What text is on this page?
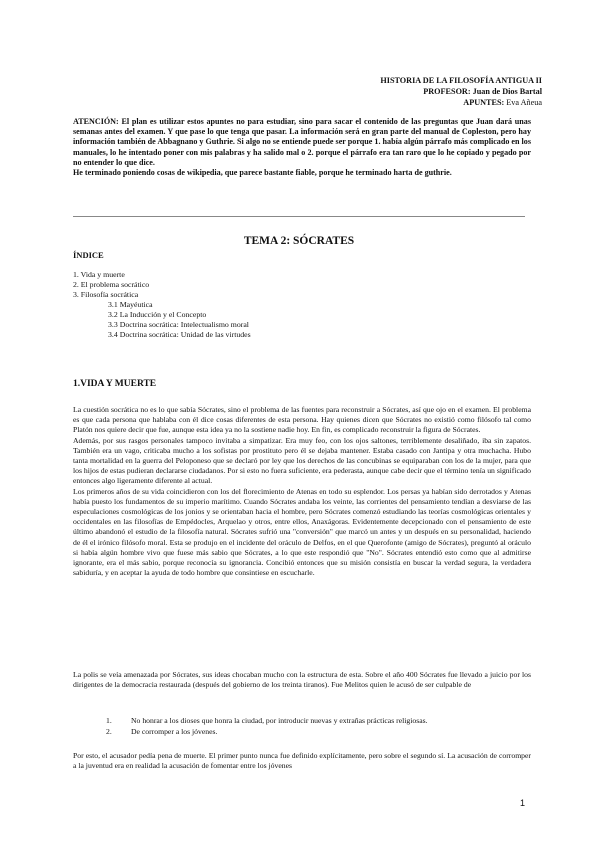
HISTORIA DE LA FILOSOFÍA ANTIGUA II
PROFESOR: Juan de Dios Bartal
APUNTES: Eva Añeua
ATENCIÓN: El plan es utilizar estos apuntes no para estudiar, sino para sacar el contenido de las preguntas que Juan dará unas semanas antes del examen. Y que pase lo que tenga que pasar. La información será en gran parte del manual de Copleston, pero hay información también de Abbagnano y Guthrie. Si algo no se entiende puede ser porque 1. había algún párrafo más complicado en los manuales, lo he intentado poner con mis palabras y ha salido mal o 2. porque el párrafo era tan raro que lo he copiado y pegado por no entender lo que dice.
He terminado poniendo cosas de wikipedia, que parece bastante fiable, porque he terminado harta de guthrie.
TEMA 2: SÓCRATES
ÍNDICE
1. Vida y muerte
2. El problema socrático
3. Filosofía socrática
3.1 Mayéutica
3.2 La Inducción y el Concepto
3.3 Doctrina socrática: Intelectualismo moral
3.4 Doctrina socrática: Unidad de las virtudes
1.VIDA Y MUERTE

La cuestión socrática no es lo que sabía Sócrates, sino el problema de las fuentes para reconstruir a Sócrates, así que ojo en el examen. El problema es que cada persona que hablaba con él dice cosas diferentes de esta persona. Hay quienes dicen que Sócrates no existió como filósofo tal como Platón nos quiere decir que fue, aunque esta idea ya no la sostiene nadie hoy. En fin, es complicado reconstruir la figura de Sócrates.

Además, por sus rasgos personales tampoco invitaba a simpatizar. Era muy feo, con los ojos saltones, terriblemente desaliñado, iba sin zapatos. También era un vago, criticaba mucho a los sofistas por prostituto pero él se dejaba mantener. Estaba casado con Jantipa y otra muchacha. Hubo tanta mortalidad en la guerra del Peloponeso que se declaró por ley que los derechos de las concubinas se equiparaban con los de la mujer, para que los hijos de estas pudieran declararse ciudadanos. Por si esto no fuera suficiente, era pederasta, aunque cabe decir que el término tenía un significado entonces algo ligeramente diferente al actual.

Los primeros años de su vida coincidieron con los del florecimiento de Atenas en todo su esplendor. Los persas ya habían sido derrotados y Atenas había puesto los fundamentos de su imperio marítimo. Cuando Sócrates andaba los veinte, las corrientes del pensamiento tendían a desviarse de las especulaciones cosmológicas de los jonios y se orientaban hacia el hombre, pero Sócrates comenzó estudiando las teorías cosmológicas orientales y occidentales en las filosofías de Empédocles, Arquelao y otros, entre ellos, Anaxágoras. Evidentemente decepcionado con el pensamiento de este último abandonó el estudio de la filosofía natural. Sócrates sufrió una "conversión" que marcó un antes y un después en su personalidad, haciendo de él el irónico filósofo moral. Esta se produjo en el incidente del oráculo de Delfos, en el que Querofonte (amigo de Sócrates), preguntó al oráculo si había algún hombre vivo que fuese más sabio que Sócrates, a lo que este respondió que "No". Sócrates entendió esto como que al admitirse ignorante, era el más sabio, porque reconocía su ignorancia. Concibió entonces que su misión consistía en buscar la verdad segura, la verdadera sabiduría, y en aceptar la ayuda de todo hombre que consintiese en escucharle.

La polis se veía amenazada por Sócrates, sus ideas chocaban mucho con la estructura de esta. Sobre el año 400 Sócrates fue llevado a juicio por los dirigentes de la democracia restaurada (después del gobierno de los treinta tiranos). Fue Melitos quien le acusó de ser culpable de

1.	No honrar a los dioses que honra la ciudad, por introducir nuevas y extrañas prácticas religiosas.
2.	De corromper a los jóvenes.

Por esto, el acusador pedía pena de muerte. El primer punto nunca fue definido explícitamente, pero sobre el segundo sí. La acusación de corromper a la juventud era en realidad la acusación de fomentar entre los jóvenes

1
